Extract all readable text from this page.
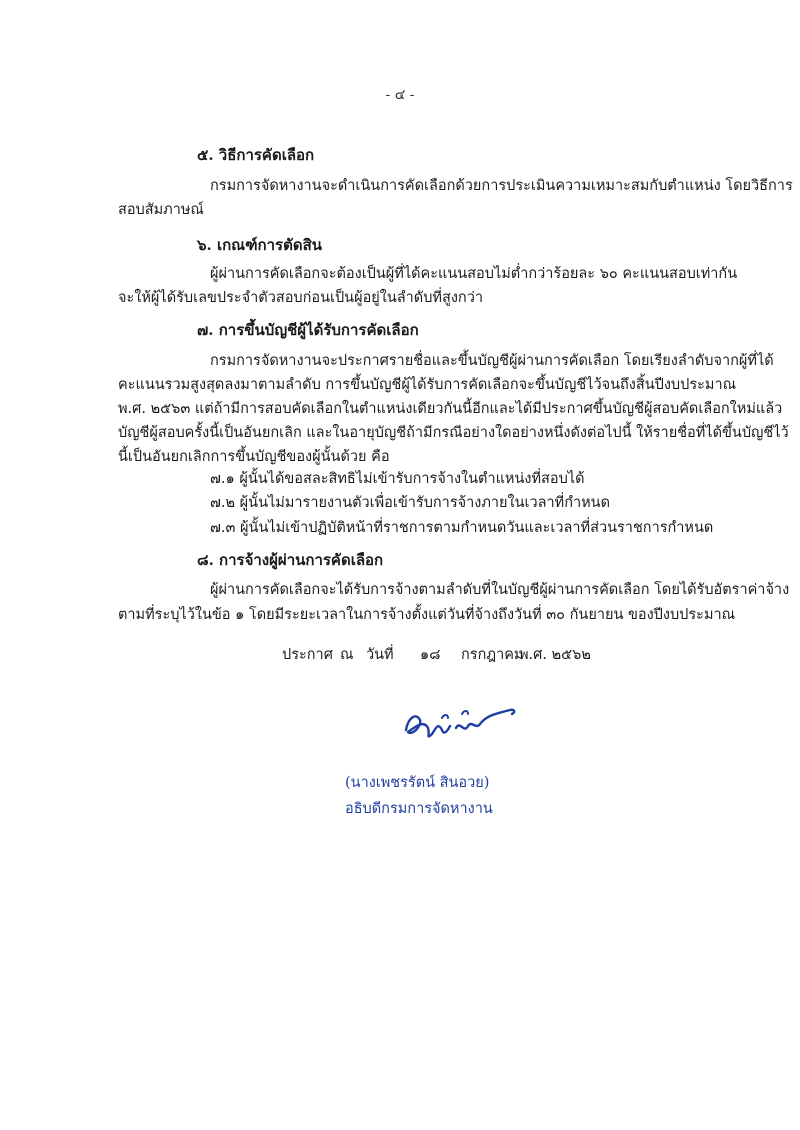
- ๔ -
๕. วิธีการคัดเลือก
กรมการจัดหางานจะดำเนินการคัดเลือกด้วยการประเมินความเหมาะสมกับตำแหน่ง โดยวิธีการ
สอบสัมภาษณ์
๖. เกณฑ์การตัดสิน
ผู้ผ่านการคัดเลือกจะต้องเป็นผู้ที่ได้คะแนนสอบไม่ต่ำกว่าร้อยละ ๖๐ คะแนนสอบเท่ากัน
จะให้ผู้ได้รับเลขประจำตัวสอบก่อนเป็นผู้อยู่ในลำดับที่สูงกว่า
๗. การขึ้นบัญชีผู้ได้รับการคัดเลือก
กรมการจัดหางานจะประกาศรายชื่อและขึ้นบัญชีผู้ผ่านการคัดเลือก โดยเรียงลำดับจากผู้ที่ได้
คะแนนรวมสูงสุดลงมาตามลำดับ การขึ้นบัญชีผู้ได้รับการคัดเลือกจะขึ้นบัญชีไว้จนถึงสิ้นปีงบประมาณ
พ.ศ. ๒๕๖๓ แต่ถ้ามีการสอบคัดเลือกในตำแหน่งเดียวกันนี้อีกและได้มีประกาศขึ้นบัญชีผู้สอบคัดเลือกใหม่แล้ว
บัญชีผู้สอบครั้งนี้เป็นอันยกเลิก และในอายุบัญชีถ้ามีกรณีอย่างใดอย่างหนึ่งดังต่อไปนี้ ให้รายชื่อที่ได้ขึ้นบัญชีไว้
นี้เป็นอันยกเลิกการขึ้นบัญชีของผู้นั้นด้วย คือ
๗.๑ ผู้นั้นได้ขอสละสิทธิไม่เข้ารับการจ้างในตำแหน่งที่สอบได้
๗.๒ ผู้นั้นไม่มารายงานตัวเพื่อเข้ารับการจ้างภายในเวลาที่กำหนด
๗.๓ ผู้นั้นไม่เข้าปฏิบัติหน้าที่ราชการตามกำหนดวันและเวลาที่ส่วนราชการกำหนด
๘. การจ้างผู้ผ่านการคัดเลือก
ผู้ผ่านการคัดเลือกจะได้รับการจ้างตามลำดับที่ในบัญชีผู้ผ่านการคัดเลือก โดยได้รับอัตราค่าจ้าง
ตามที่ระบุไว้ในข้อ ๑ โดยมีระยะเวลาในการจ้างตั้งแต่วันที่จ้างถึงวันที่ ๓๐ กันยายน ของปีงบประมาณ
ประกาศ ณ วันที่ ๑๘ กรกฎาคม
พ.ศ. ๒๕๖๒
(นางเพชรรัตน์ สินอวย)
อธิบดีกรมการจัดหางาน
